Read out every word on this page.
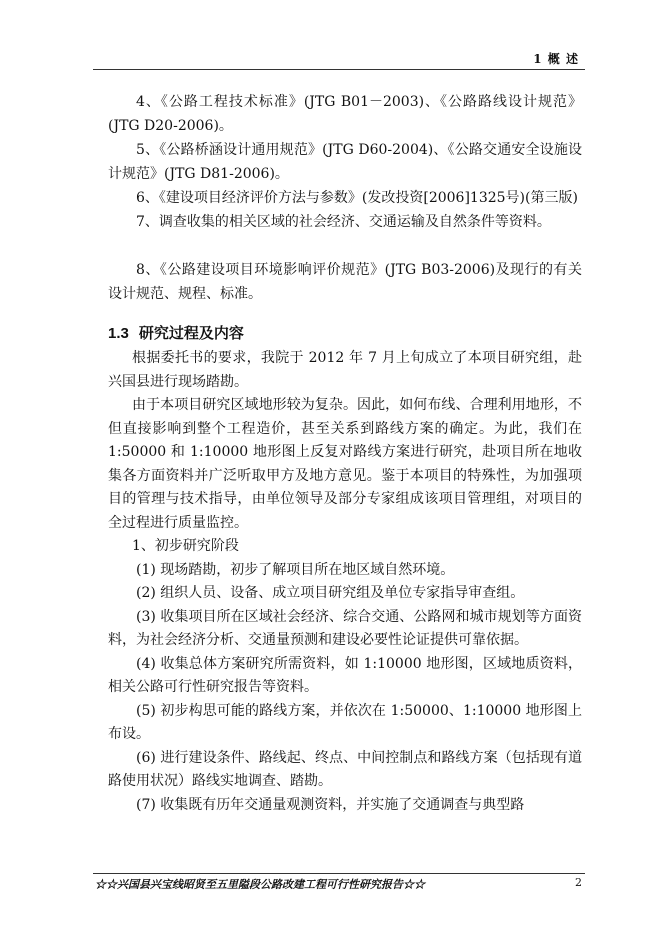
1 概 述

4、《公路工程技术标准》(JTG B01－2003)、《公路路线设计规范》(JTG D20-2006)。

5、《公路桥涵设计通用规范》(JTG D60-2004)、《公路交通安全设施设计规范》(JTG D81-2006)。

6、《建设项目经济评价方法与参数》(发改投资[2006]1325号)(第三版)

7、调查收集的相关区域的社会经济、交通运输及自然条件等资料。

8、《公路建设项目环境影响评价规范》(JTG B03-2006)及现行的有关设计规范、规程、标准。

1.3 研究过程及内容

根据委托书的要求，我院于 2012 年 7 月上旬成立了本项目研究组，赴兴国县进行现场踏勘。

由于本项目研究区域地形较为复杂。因此，如何布线、合理利用地形，不但直接影响到整个工程造价，甚至关系到路线方案的确定。为此，我们在 1:50000 和 1:10000 地形图上反复对路线方案进行研究，赴项目所在地收集各方面资料并广泛听取甲方及地方意见。鉴于本项目的特殊性，为加强项目的管理与技术指导，由单位领导及部分专家组成该项目管理组，对项目的全过程进行质量监控。

1、初步研究阶段

(1) 现场踏勘，初步了解项目所在地区域自然环境。

(2) 组织人员、设备、成立项目研究组及单位专家指导审查组。

(3) 收集项目所在区域社会经济、综合交通、公路网和城市规划等方面资料，为社会经济分析、交通量预测和建设必要性论证提供可靠依据。

(4) 收集总体方案研究所需资料，如 1:10000 地形图，区域地质资料，相关公路可行性研究报告等资料。

(5) 初步构思可能的路线方案，并依次在 1:50000、1:10000 地形图上布设。

(6) 进行建设条件、路线起、终点、中间控制点和路线方案（包括现有道路使用状况）路线实地调查、踏勘。

(7) 收集既有历年交通量观测资料，并实施了交通调查与典型路

☆☆兴国县兴宝线昭贤至五里隘段公路改建工程可行性研究报告☆☆	2
